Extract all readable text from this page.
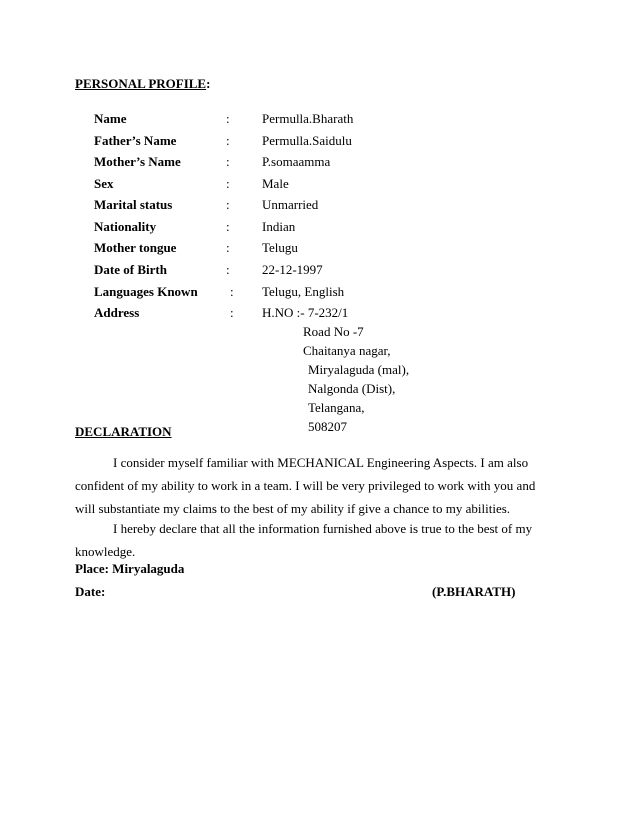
PERSONAL PROFILE:
Name	: Permulla.Bharath
Father’s Name	: Permulla.Saidulu
Mother’s Name	: P.somaamma
Sex	: Male
Marital status	: Unmarried
Nationality	: Indian
Mother tongue	: Telugu
Date of Birth	: 22-12-1997
Languages Known : Telugu, English
Address	: H.NO :- 7-232/1
Road No -7
Chaitanya nagar,
Miryalaguda (mal),
Nalgonda (Dist),
Telangana,
508207
DECLARATION
I consider myself familiar with MECHANICAL Engineering Aspects. I am also confident of my ability to work in a team. I will be very privileged to work with you and will substantiate my claims to the best of my ability if give a chance to my abilities.
I hereby declare that all the information furnished above is true to the best of my knowledge.
Place: Miryalaguda
Date:	(P.BHARATH)
